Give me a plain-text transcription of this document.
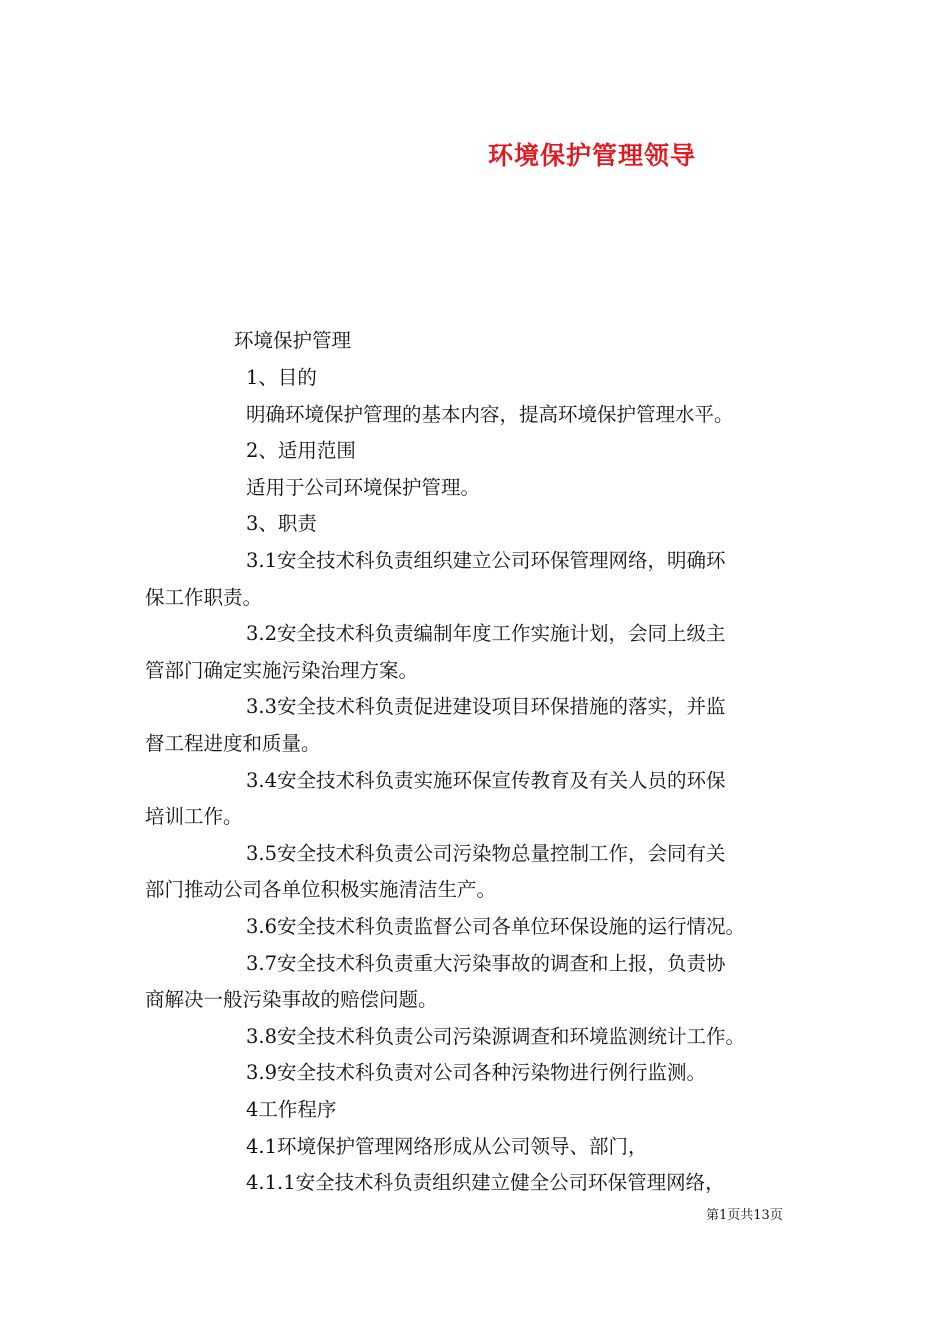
环境保护管理领导
环境保护管理
1、目的
明确环境保护管理的基本内容，提高环境保护管理水平。
2、适用范围
适用于公司环境保护管理。
3、职责
3.1安全技术科负责组织建立公司环保管理网络，明确环
保工作职责。
3.2安全技术科负责编制年度工作实施计划，会同上级主
管部门确定实施污染治理方案。
3.3安全技术科负责促进建设项目环保措施的落实，并监
督工程进度和质量。
3.4安全技术科负责实施环保宣传教育及有关人员的环保
培训工作。
3.5安全技术科负责公司污染物总量控制工作，会同有关
部门推动公司各单位积极实施清洁生产。
3.6安全技术科负责监督公司各单位环保设施的运行情况。
3.7安全技术科负责重大污染事故的调查和上报，负责协
商解决一般污染事故的赔偿问题。
3.8安全技术科负责公司污染源调查和环境监测统计工作。
3.9安全技术科负责对公司各种污染物进行例行监测。
4工作程序
4.1环境保护管理网络形成从公司领导、部门，
4.1.1安全技术科负责组织建立健全公司环保管理网络，
第1页共13页
